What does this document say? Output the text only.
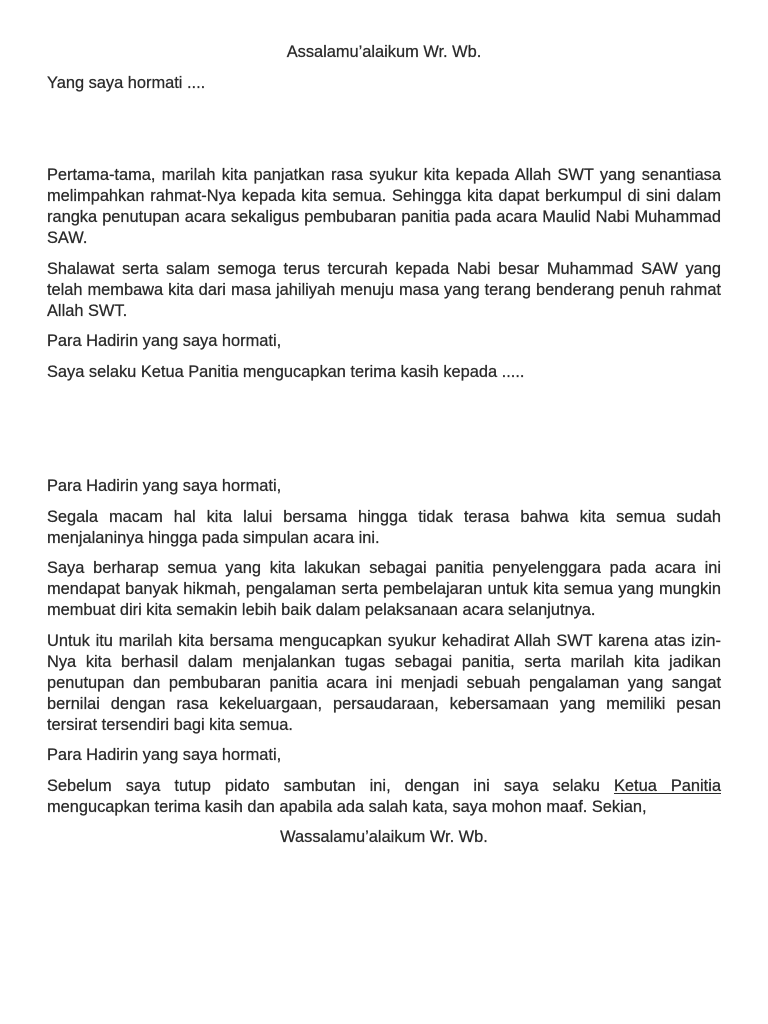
Assalamu’alaikum Wr. Wb.

Yang saya hormati ....

Pertama-tama, marilah kita panjatkan rasa syukur kita kepada Allah SWT yang senantiasa melimpahkan rahmat-Nya kepada kita semua. Sehingga kita dapat berkumpul di sini dalam rangka penutupan acara sekaligus pembubaran panitia pada acara Maulid Nabi Muhammad SAW.

Shalawat serta salam semoga terus tercurah kepada Nabi besar Muhammad SAW yang telah membawa kita dari masa jahiliyah menuju masa yang terang benderang penuh rahmat Allah SWT.

Para Hadirin yang saya hormati,

Saya selaku Ketua Panitia mengucapkan terima kasih kepada .....

Para Hadirin yang saya hormati,

Segala macam hal kita lalui bersama hingga tidak terasa bahwa kita semua sudah menjalaninya hingga pada simpulan acara ini.

Saya berharap semua yang kita lakukan sebagai panitia penyelenggara pada acara ini mendapat banyak hikmah, pengalaman serta pembelajaran untuk kita semua yang mungkin membuat diri kita semakin lebih baik dalam pelaksanaan acara selanjutnya.

Untuk itu marilah kita bersama mengucapkan syukur kehadirat Allah SWT karena atas izin-Nya kita berhasil dalam menjalankan tugas sebagai panitia, serta marilah kita jadikan penutupan dan pembubaran panitia acara ini menjadi sebuah pengalaman yang sangat bernilai dengan rasa kekeluargaan, persaudaraan, kebersamaan yang memiliki pesan tersirat tersendiri bagi kita semua.

Para Hadirin yang saya hormati,

Sebelum saya tutup pidato sambutan ini, dengan ini saya selaku Ketua Panitia mengucapkan terima kasih dan apabila ada salah kata, saya mohon maaf. Sekian,

Wassalamu’alaikum Wr. Wb.
